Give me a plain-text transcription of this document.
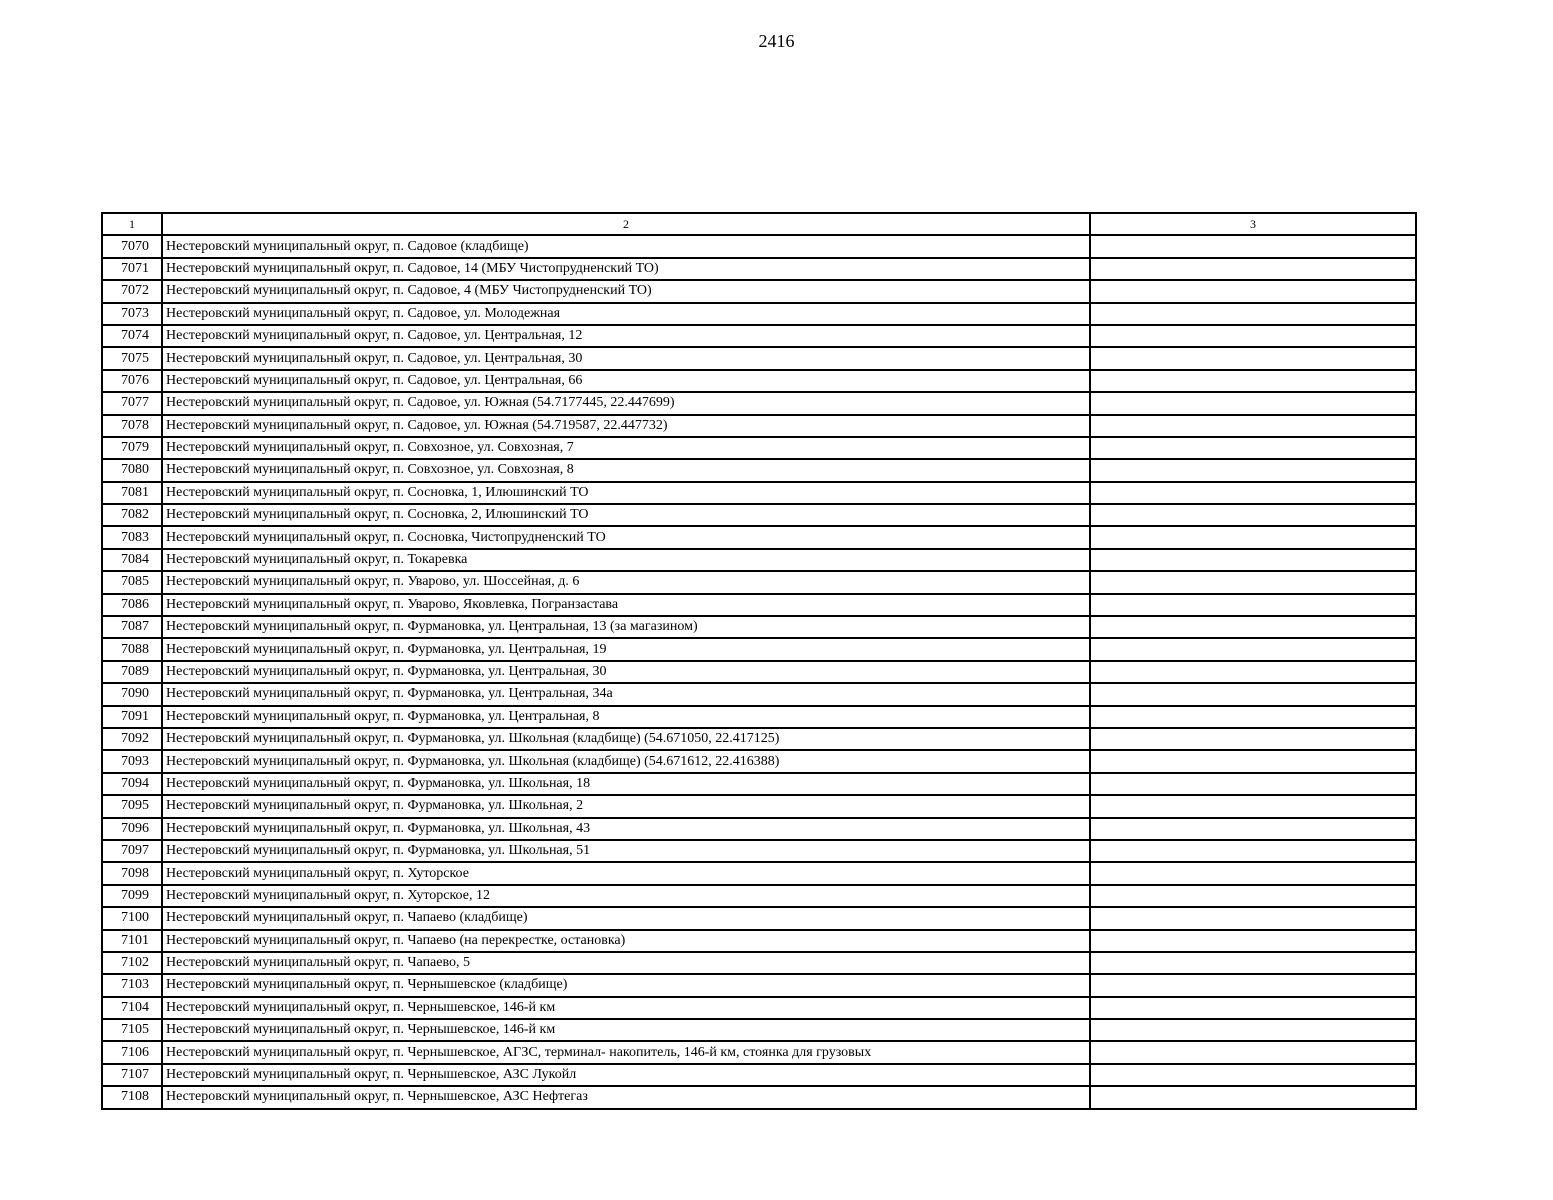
2416
1	2	3
7070	Нестеровский муниципальный округ, п. Садовое (кладбище)	
7071	Нестеровский муниципальный округ, п. Садовое, 14 (МБУ Чистопрудненский ТО)	
7072	Нестеровский муниципальный округ, п. Садовое, 4 (МБУ Чистопрудненский ТО)	
7073	Нестеровский муниципальный округ, п. Садовое, ул. Молодежная	
7074	Нестеровский муниципальный округ, п. Садовое, ул. Центральная, 12	
7075	Нестеровский муниципальный округ, п. Садовое, ул. Центральная, 30	
7076	Нестеровский муниципальный округ, п. Садовое, ул. Центральная, 66	
7077	Нестеровский муниципальный округ, п. Садовое, ул. Южная (54.7177445, 22.447699)	
7078	Нестеровский муниципальный округ, п. Садовое, ул. Южная (54.719587, 22.447732)	
7079	Нестеровский муниципальный округ, п. Совхозное, ул. Совхозная, 7	
7080	Нестеровский муниципальный округ, п. Совхозное, ул. Совхозная, 8	
7081	Нестеровский муниципальный округ, п. Сосновка, 1, Илюшинский ТО	
7082	Нестеровский муниципальный округ, п. Сосновка, 2, Илюшинский ТО	
7083	Нестеровский муниципальный округ, п. Сосновка, Чистопрудненский ТО	
7084	Нестеровский муниципальный округ, п. Токаревка	
7085	Нестеровский муниципальный округ, п. Уварово, ул. Шоссейная, д. 6	
7086	Нестеровский муниципальный округ, п. Уварово, Яковлевка, Погранзастава	
7087	Нестеровский муниципальный округ, п. Фурмановка, ул. Центральная, 13 (за магазином)	
7088	Нестеровский муниципальный округ, п. Фурмановка, ул. Центральная, 19	
7089	Нестеровский муниципальный округ, п. Фурмановка, ул. Центральная, 30	
7090	Нестеровский муниципальный округ, п. Фурмановка, ул. Центральная, 34а	
7091	Нестеровский муниципальный округ, п. Фурмановка, ул. Центральная, 8	
7092	Нестеровский муниципальный округ, п. Фурмановка, ул. Школьная (кладбище) (54.671050, 22.417125)	
7093	Нестеровский муниципальный округ, п. Фурмановка, ул. Школьная (кладбище) (54.671612, 22.416388)	
7094	Нестеровский муниципальный округ, п. Фурмановка, ул. Школьная, 18	
7095	Нестеровский муниципальный округ, п. Фурмановка, ул. Школьная, 2	
7096	Нестеровский муниципальный округ, п. Фурмановка, ул. Школьная, 43	
7097	Нестеровский муниципальный округ, п. Фурмановка, ул. Школьная, 51	
7098	Нестеровский муниципальный округ, п. Хуторское	
7099	Нестеровский муниципальный округ, п. Хуторское, 12	
7100	Нестеровский муниципальный округ, п. Чапаево (кладбище)	
7101	Нестеровский муниципальный округ, п. Чапаево (на перекрестке, остановка)	
7102	Нестеровский муниципальный округ, п. Чапаево, 5	
7103	Нестеровский муниципальный округ, п. Чернышевское (кладбище)	
7104	Нестеровский муниципальный округ, п. Чернышевское, 146-й км	
7105	Нестеровский муниципальный округ, п. Чернышевское, 146-й км	
7106	Нестеровский муниципальный округ, п. Чернышевское, АГЗС, терминал- накопитель, 146-й км, стоянка для грузовых	
7107	Нестеровский муниципальный округ, п. Чернышевское, АЗС Лукойл	
7108	Нестеровский муниципальный округ, п. Чернышевское, АЗС Нефтегаз	
